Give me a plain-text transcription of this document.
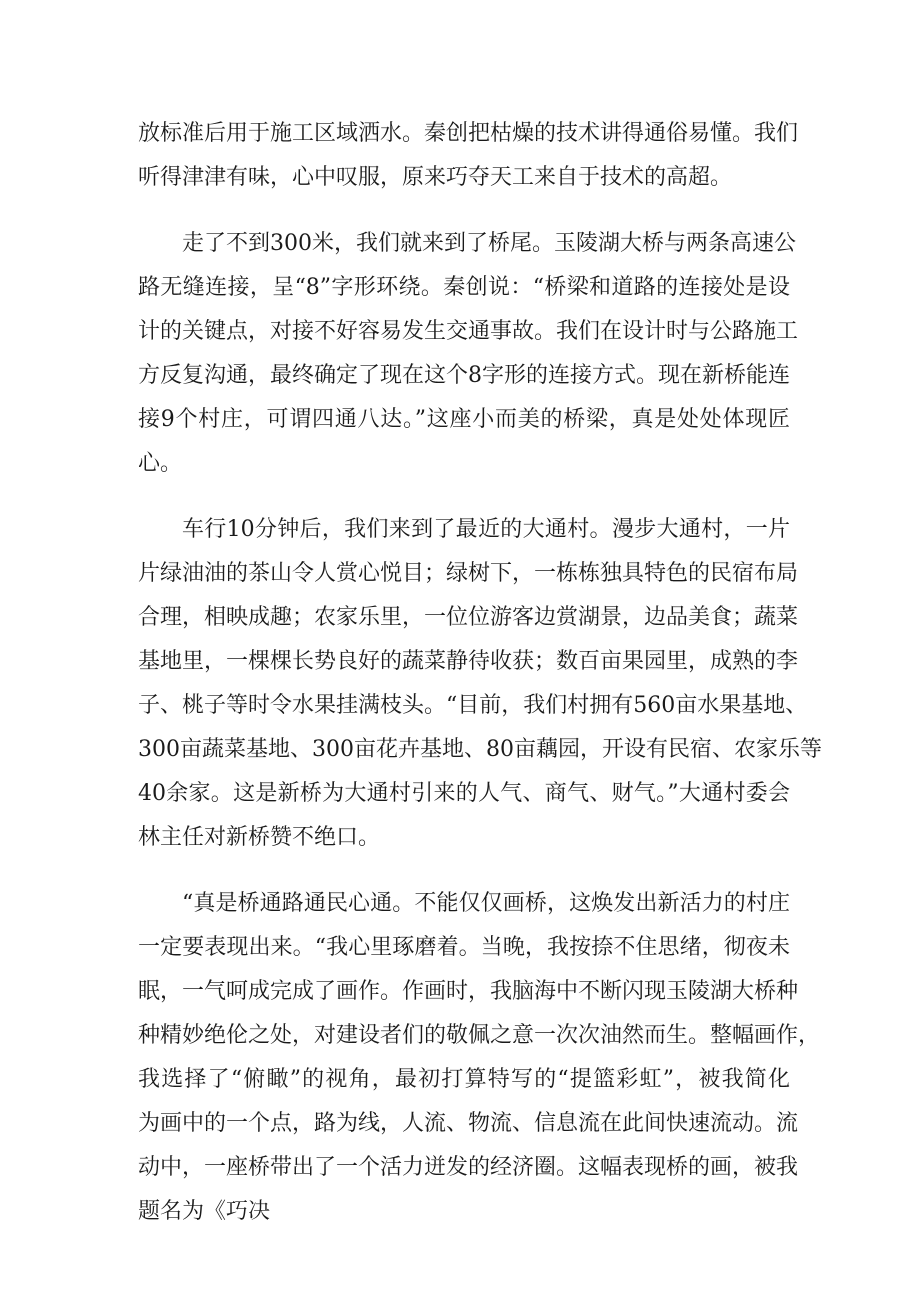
放标准后用于施工区域洒水。秦创把枯燥的技术讲得通俗易懂。我们
听得津津有味，心中叹服，原来巧夺天工来自于技术的高超。
走了不到300米，我们就来到了桥尾。玉陵湖大桥与两条高速公
路无缝连接，呈“8”字形环绕。秦创说：“桥梁和道路的连接处是设
计的关键点，对接不好容易发生交通事故。我们在设计时与公路施工
方反复沟通，最终确定了现在这个8字形的连接方式。现在新桥能连
接9个村庄，可谓四通八达。”这座小而美的桥梁，真是处处体现匠
心。
车行10分钟后，我们来到了最近的大通村。漫步大通村，一片
片绿油油的茶山令人赏心悦目；绿树下，一栋栋独具特色的民宿布局
合理，相映成趣；农家乐里，一位位游客边赏湖景，边品美食；蔬菜
基地里，一棵棵长势良好的蔬菜静待收获；数百亩果园里，成熟的李
子、桃子等时令水果挂满枝头。“目前，我们村拥有560亩水果基地、
300亩蔬菜基地、300亩花卉基地、80亩藕园，开设有民宿、农家乐等
40余家。这是新桥为大通村引来的人气、商气、财气。”大通村委会
林主任对新桥赞不绝口。
“真是桥通路通民心通。不能仅仅画桥，这焕发出新活力的村庄
一定要表现出来。“我心里琢磨着。当晚，我按捺不住思绪，彻夜未
眠，一气呵成完成了画作。作画时，我脑海中不断闪现玉陵湖大桥种
种精妙绝伦之处，对建设者们的敬佩之意一次次油然而生。整幅画作，
我选择了“俯瞰”的视角，最初打算特写的“提篮彩虹”，被我简化
为画中的一个点，路为线，人流、物流、信息流在此间快速流动。流
动中，一座桥带出了一个活力迸发的经济圈。这幅表现桥的画，被我
题名为《巧决
